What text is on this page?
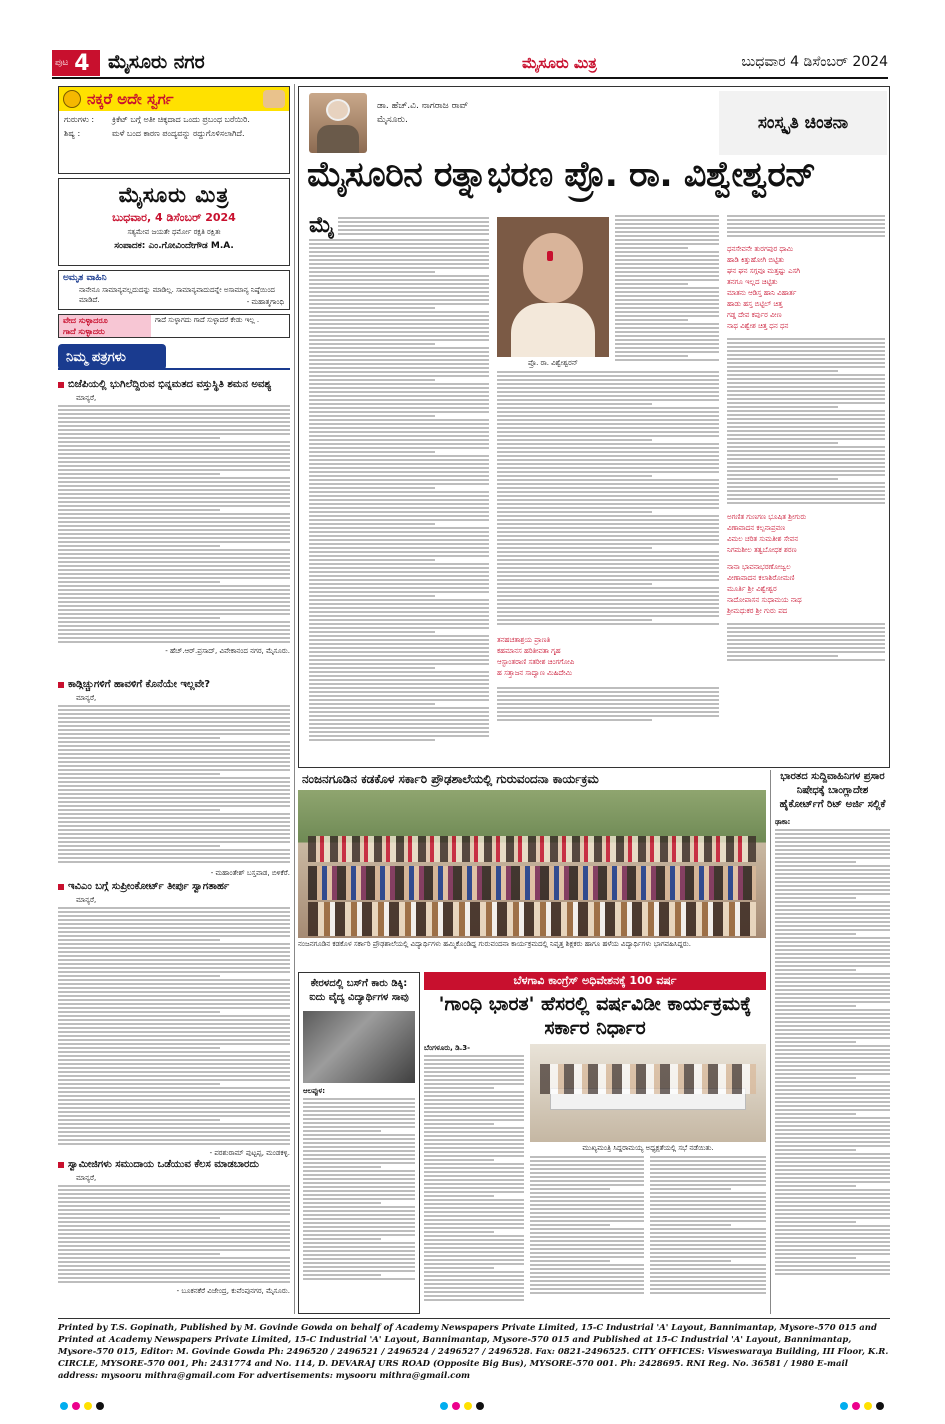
ಪುಟ 4 ಮೈಸೂರು ನಗರ	ಮೈಸೂರು ಮಿತ್ರ	ಬುಧವಾರ 4 ಡಿಸೆಂಬರ್ 2024
ನಕ್ಕರೆ ಅದೇ ಸ್ವರ್ಗ
ಗುರುಗಳು :	ಕ್ರಿಕೆಟ್ ಬಗ್ಗೆ ಅತೀ ಚಿಕ್ಕದಾದ ಒಂದು ಪ್ರಬಂಧ ಬರೆಯಿರಿ.
ಶಿಷ್ಯ :	ಮಳೆ ಬಂದ ಕಾರಣ ಪಂದ್ಯವನ್ನು ರದ್ದುಗೊಳಿಸಲಾಗಿದೆ.
ಮೈಸೂರು ಮಿತ್ರ
ಬುಧವಾರ, 4 ಡಿಸೆಂಬರ್ 2024
ಸತ್ಯಮೇವ ಜಯತೇ ಧರ್ಮೋ ರಕ್ಷತಿ ರಕ್ಷಿತಃ
ಸಂಪಾದಕ: ಎಂ.ಗೋವಿಂದೇಗೌಡ M.A.
ಅಮೃತ ವಾಹಿನಿ
ನಾನೇನೂ ಸಾಮಾನ್ಯವಲ್ಲದುದನ್ನು ಮಾಡಿಲ್ಲ. ಸಾಮಾನ್ಯವಾದುದನ್ನೇ ಅಸಾಮಾನ್ಯ ನಿಷ್ಠೆಯಿಂದ ಮಾಡಿದೆ.	- ಮಹಾತ್ಮಗಾಂಧಿ
ವೇದ ಸುಳ್ಳಾದರೂ
ಗಾದೆ ಸುಳ್ಳಾದರು
ಗಾದೆ ಸುಳ್ಳಾಗದು ಗಾದೆ ಸುಳ್ಳಾದರೆ ಕೇಡು ಇಲ್ಲ .
ನಿಮ್ಮ ಪತ್ರಗಳು
ಬಿಜೆಪಿಯಲ್ಲಿ ಭುಗಿಲೆದ್ದಿರುವ ಭಿನ್ನಮತದ ವಸ್ತುಸ್ಥಿತಿ ಶಮನ ಅವಶ್ಯ
ಮಾನ್ಯರೆ,
- ಹೆಚ್.ಆರ್.ಪ್ರಸಾದ್, ವಿವೇಕಾನಂದ ನಗರ, ಮೈಸೂರು.
ಕಾಡ್ಗಿಚ್ಚುಗಳಿಗೆ ಹಾವಳಿಗೆ ಕೊನೆಯೇ ಇಲ್ಲವೇ?
ಮಾನ್ಯರೆ,
- ಮಹಾಂತೇಶ್ ಬಸ್ತವಾಡ, ಬಿಳಿಕೆರೆ.
ಇವಿಎಂ ಬಗ್ಗೆ ಸುಪ್ರೀಂಕೋರ್ಟ್ ತೀರ್ಪು ಸ್ವಾಗತಾರ್ಹ
ಮಾನ್ಯರೆ,
- ಪರಶುರಾಮ್ ಪುಟ್ಟಪ್ಪ, ಮಂಡಕಳ್ಳಿ.
ಸ್ವಾಮೀಜಿಗಳು ಸಮುದಾಯ ಒಡೆಯುವ ಕೆಲಸ ಮಾಡಬಾರದು
ಮಾನ್ಯರೆ,
- ಬೂಕನಕೆರೆ ವಿಜೇಂದ್ರ, ಕುವೆಂಪುನಗರ, ಮೈಸೂರು.
ಡಾ. ಹೆಚ್.ವಿ. ನಾಗರಾಜ ರಾವ್
ಮೈಸೂರು.	ಸಂಸ್ಕೃತಿ ಚಿಂತನಾ
ಮೈಸೂರಿನ ರತ್ನಾಭರಣ ಪ್ರೊ. ರಾ. ವಿಶ್ವೇಶ್ವರನ್
ಮೈ
ಪ್ರೊ. ರಾ. ವಿಶ್ವೇಶ್ವರನ್
ತನಹಚತಾಶ್ರಯ ಪ್ರಾಣತಿ
ಕಹಮಾನಸ ಹರಿತೀವತಾ ಗೃಹ
ಆಸ್ಟಾಂತರಾಣಿ ಸತರೀಶ ಚಿಂಗಗೋಪಿ
ಹ ಸತ್ತಾಜನ ಸಾದ್ವಾಣ ಮಿಹಿದೇಮಿ
ಧನಸೇವನೇ ತುರಗಪುರ ಧಾಮಿ
ಹಾಡಿ ಕಿತ್ತುಹೋಗಿ ಬಿಟ್ಟಿತು
ಘನ ಘನ ಸಗ್ಗವೂ ಮತ್ತಷ್ಟು ಎಸಗಿ
ತನಗೂ ಇಲ್ಲದ ಚಿಟ್ಟಿತು
ಮಾತನು ಆಡಿಸ್ತ ಹಾನಿ ವಿಹಾರ್ತ
ಹಾಡು ಹಸ್ತ ಬಿಟ್ಟಿಲ್ ಚಿತ್ತ
ಗಡ್ದ ದೇವ ಕರ್ಪುರ ವೀಣ
ನಾಥ ವಿಶ್ವೇಶ ಚಿತ್ತ ಧನ ಧನ
ಅಗಣಿತ ಗುಣಗಣ ಭೂಷಿತ ಶ್ರೀಗುರು
ವಿಣಾವಾದನ ಕಲ್ಪನಾಪ್ರವಣ
ವಿಮಲ ಚರಿತ ಸುಮತೀಶ ಸೇವನ
ನಿಗಮಶೀಲ ತತ್ವಬೋಧಕ ಶರಣ
ನಾನಾ ಭಾವನಾಭರಣೋಜ್ವಲ
ವೀಣಾವಾದನ ಕಲಾಶಿರೋಮಣಿ
ಮೂರ್ತಿ ಶ್ರೀ ವಿಶ್ವೇಶ್ವರ
ನಾದೋಪಾಸನ ಸುಧಾಮಯ ನಾಥ
ಶ್ರೀಮಧುಕರ ಶ್ರೀ ಗುರು ಪದ
ನಂಜನಗೂಡಿನ ಕಡಕೊಳ ಸರ್ಕಾರಿ ಪ್ರೌಢಶಾಲೆಯಲ್ಲಿ ಗುರುವಂದನಾ ಕಾರ್ಯಕ್ರಮ
ನಂಜನಗೂಡಿನ ಕಡಕೊಳ ಸರ್ಕಾರಿ ಪ್ರೌಢಶಾಲೆಯಲ್ಲಿ ವಿದ್ಯಾರ್ಥಿಗಳು ಹಮ್ಮಿಕೊಂಡಿದ್ದ ಗುರುವಂದನಾ ಕಾರ್ಯಕ್ರಮದಲ್ಲಿ ನಿವೃತ್ತ ಶಿಕ್ಷಕರು ಹಾಗೂ ಹಳೆಯ ವಿದ್ಯಾರ್ಥಿಗಳು ಭಾಗವಹಿಸಿದ್ದರು.
ಭಾರತದ ಸುದ್ದಿವಾಹಿನಿಗಳ ಪ್ರಸಾರ ನಿಷೇಧಕ್ಕೆ ಬಾಂಗ್ಲಾದೇಶ ಹೈಕೋರ್ಟ್‌ಗೆ ರಿಟ್ ಅರ್ಜಿ ಸಲ್ಲಿಕೆ
ಢಾಕಾ:
ಕೇರಳದಲ್ಲಿ ಬಸ್‌ಗೆ ಕಾರು ಡಿಕ್ಕಿ: ಐದು ವೈದ್ಯ ವಿದ್ಯಾರ್ಥಿಗಳ ಸಾವು
ಆಲಪ್ಪುಳ:
ಬೆಳಗಾವಿ ಕಾಂಗ್ರೆಸ್ ಅಧಿವೇಶನಕ್ಕೆ 100 ವರ್ಷ
'ಗಾಂಧಿ ಭಾರತ' ಹೆಸರಲ್ಲಿ ವರ್ಷವಿಡೀ ಕಾರ್ಯಕ್ರಮಕ್ಕೆ ಸರ್ಕಾರ ನಿರ್ಧಾರ
ಬೆಂಗಳೂರು, ಡಿ.3-
ಮುಖ್ಯಮಂತ್ರಿ ಸಿದ್ದರಾಮಯ್ಯ ಅಧ್ಯಕ್ಷತೆಯಲ್ಲಿ ಸಭೆ ನಡೆಯಿತು.
Printed by T.S. Gopinath, Published by M. Govinde Gowda on behalf of Academy Newspapers Private Limited, 15-C Industrial 'A' Layout, Bannimantap, Mysore-570 015 and Printed at Academy Newspapers Private Limited, 15-C Industrial 'A' Layout, Bannimantap, Mysore-570 015 and Published at 15-C Industrial 'A' Layout, Bannimantap, Mysore-570 015, Editor: M. Govinde Gowda Ph: 2496520 / 2496521 / 2496524 / 2496527 / 2496528. Fax: 0821-2496525. CITY OFFICES: Visweswaraya Building, III Floor, K.R. CIRCLE, MYSORE-570 001, Ph: 2431774 and No. 114, D. DEVARAJ URS ROAD (Opposite Big Bus), MYSORE-570 001. Ph: 2428695. RNI Reg. No. 36581 / 1980 E-mail address: mysooru mithra@gmail.com For advertisements: mysooru mithra@gmail.com
